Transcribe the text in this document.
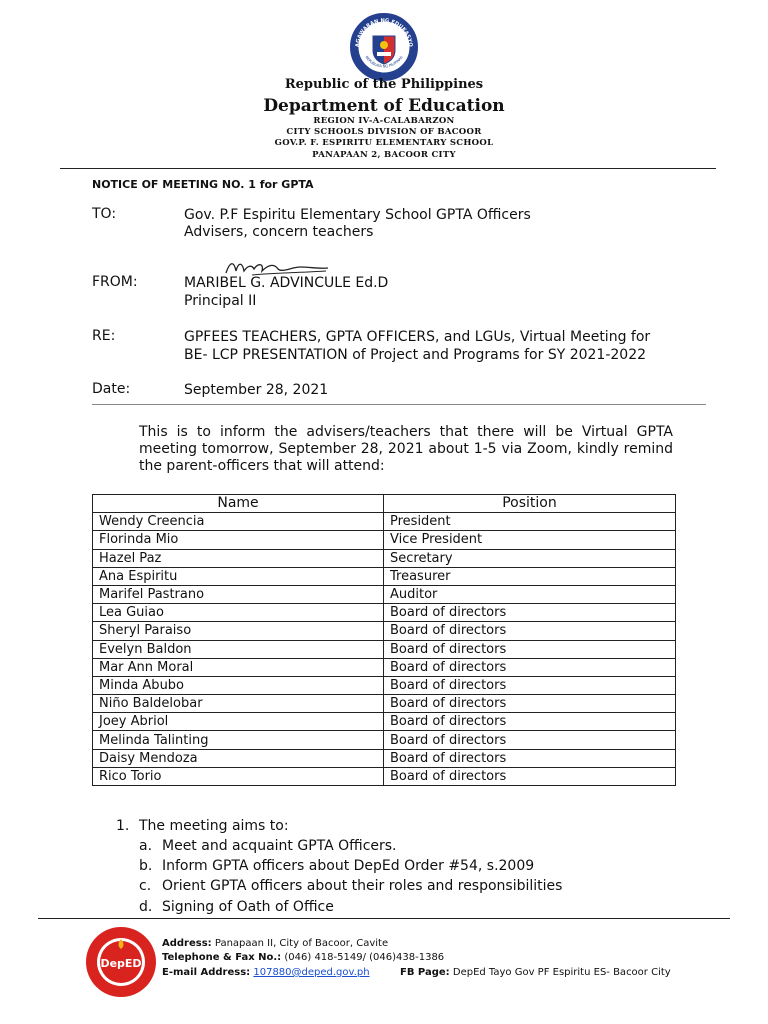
AGAWARAN NG EDUKASYO
REPUBLIKA NG PILIPINAS
Republic of the Philippines
Department of Education
REGION IV-A-CALABARZON
CITY SCHOOLS DIVISION OF BACOOR
GOV.P. F. ESPIRITU ELEMENTARY SCHOOL
PANAPAAN 2, BACOOR CITY
NOTICE OF MEETING NO. 1 for GPTA
TO:	Gov. P.F Espiritu Elementary School GPTA Officers
Advisers, concern teachers
FROM:	MARIBEL G. ADVINCULE Ed.D
Principal II
RE:	GPFEES TEACHERS, GPTA OFFICERS, and LGUs, Virtual Meeting for
BE- LCP PRESENTATION of Project and Programs for SY 2021-2022
Date:	September 28, 2021
This is to inform the advisers/teachers that there will be Virtual GPTA meeting tomorrow, September 28, 2021 about 1-5 via Zoom, kindly remind the parent-officers that will attend:
Name	Position
Wendy Creencia	President
Florinda Mio	Vice President
Hazel Paz	Secretary
Ana Espiritu	Treasurer
Marifel Pastrano	Auditor
Lea Guiao	Board of directors
Sheryl Paraiso	Board of directors
Evelyn Baldon	Board of directors
Mar Ann Moral	Board of directors
Minda Abubo	Board of directors
Niño Baldelobar	Board of directors
Joey Abriol	Board of directors
Melinda Talinting	Board of directors
Daisy Mendoza	Board of directors
Rico Torio	Board of directors
1. The meeting aims to:
a. Meet and acquaint GPTA Officers.
b. Inform GPTA officers about DepEd Order #54, s.2009
c. Orient GPTA officers about their roles and responsibilities
d. Signing of Oath of Office
DepED
Address: Panapaan II, City of Bacoor, Cavite
Telephone & Fax No.: (046) 418-5149/ (046)438-1386
E-mail Address: 107880@deped.gov.ph	FB Page: DepEd Tayo Gov PF Espiritu ES- Bacoor City
